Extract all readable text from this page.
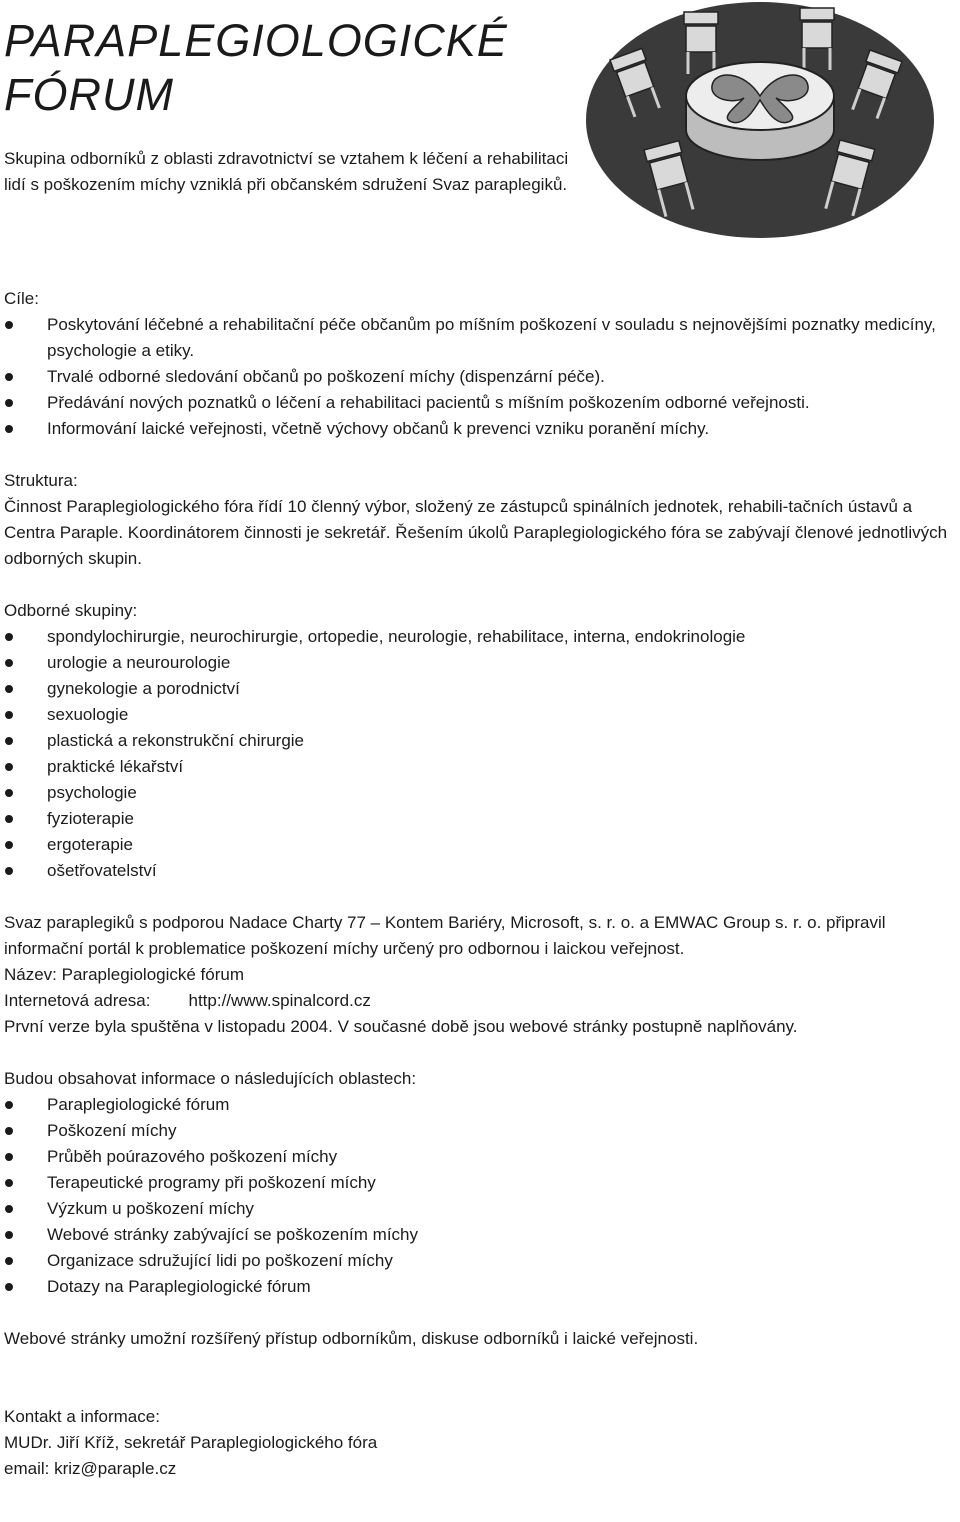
PARAPLEGIOLOGICKÉ
FÓRUM

Skupina odborníků z oblasti zdravotnictví se vztahem k léčení a rehabilitaci lidí s poškozením míchy vzniklá při občanském sdružení Svaz paraplegiků.

Cíle:

Poskytování léčebné a rehabilitační péče občanům po míšním poškození v souladu s nejnovějšími poznatky medicíny, psychologie a etiky.
Trvalé odborné sledování občanů po poškození míchy (dispenzární péče).
Předávání nových poznatků o léčení a rehabilitaci pacientů s míšním poškozením odborné veřejnosti.
Informování laické veřejnosti, včetně výchovy občanů k prevenci vzniku poranění míchy.

Struktura:

Činnost Paraplegiologického fóra řídí 10 členný výbor, složený ze zástupců spinálních jednotek, rehabili-tačních ústavů a Centra Paraple. Koordinátorem činnosti je sekretář. Řešením úkolů Paraplegiologického fóra se zabývají členové jednotlivých odborných skupin.

Odborné skupiny:

spondylochirurgie, neurochirurgie, ortopedie, neurologie, rehabilitace, interna, endokrinologie
urologie a neurourologie
gynekologie a porodnictví
sexuologie
plastická a rekonstrukční chirurgie
praktické lékařství
psychologie
fyzioterapie
ergoterapie
ošetřovatelství

Svaz paraplegiků s podporou Nadace Charty 77 – Kontem Bariéry, Microsoft, s. r. o. a EMWAC Group s. r. o. připravil informační portál k problematice poškození míchy určený pro odbornou i laickou veřejnost.

Název: Paraplegiologické fórum

Internetová adresa: http://www.spinalcord.cz

První verze byla spuštěna v listopadu 2004. V současné době jsou webové stránky postupně naplňovány.

Budou obsahovat informace o následujících oblastech:

Paraplegiologické fórum
Poškození míchy
Průběh poúrazového poškození míchy
Terapeutické programy při poškození míchy
Výzkum u poškození míchy
Webové stránky zabývající se poškozením míchy
Organizace sdružující lidi po poškození míchy
Dotazy na Paraplegiologické fórum

Webové stránky umožní rozšířený přístup odborníkům, diskuse odborníků i laické veřejnosti.

Kontakt a informace:

MUDr. Jiří Kříž, sekretář Paraplegiologického fóra

email: kriz@paraple.cz
